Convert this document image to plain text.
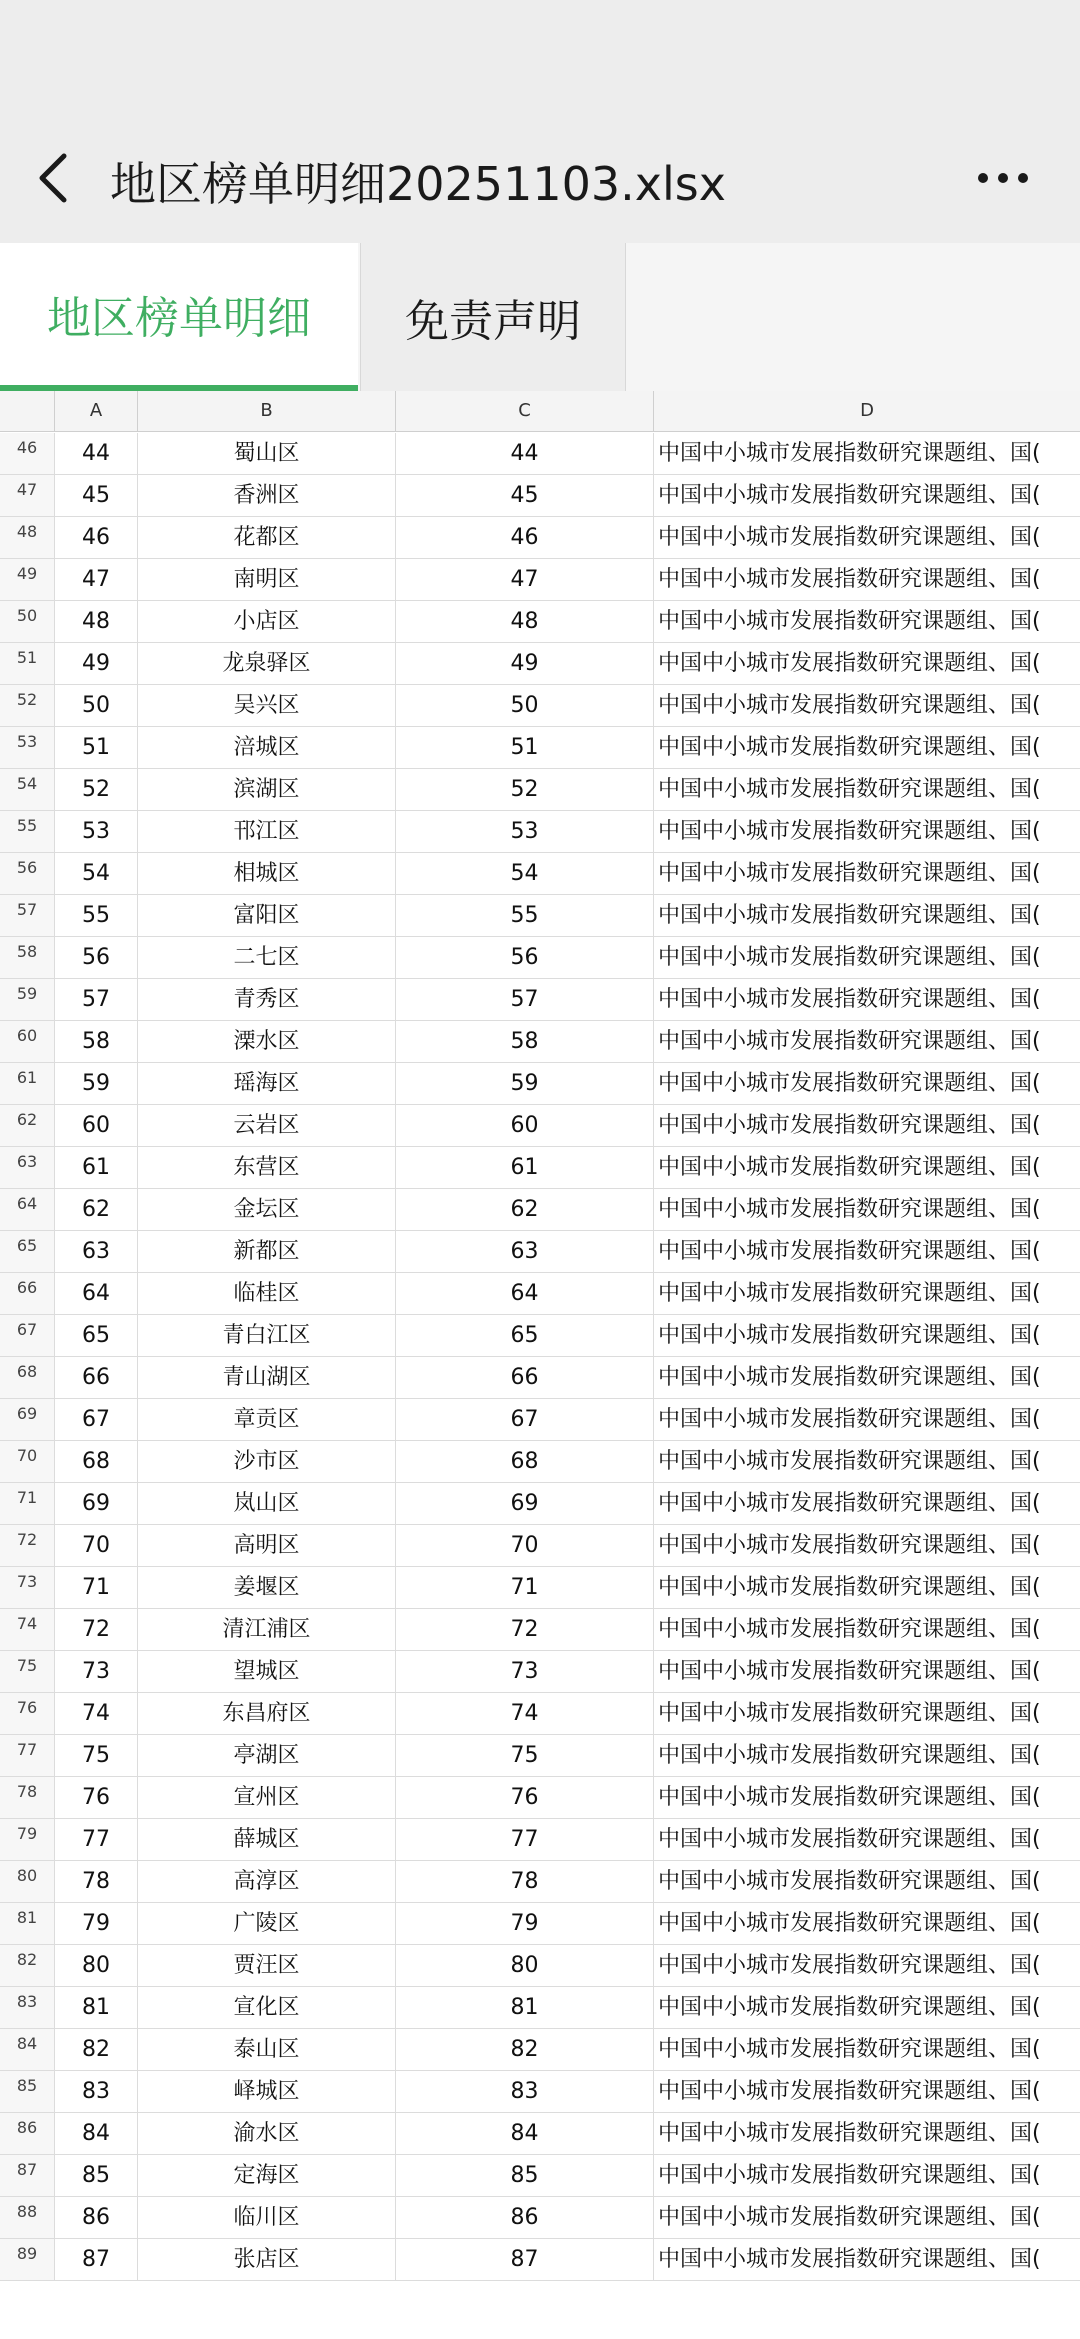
地区榜单明细20251103.xlsx
地区榜单明细	免责声明
A	B	C	D
46	44	蜀山区	44	中国中小城市发展指数研究课题组、国(
47	45	香洲区	45	中国中小城市发展指数研究课题组、国(
48	46	花都区	46	中国中小城市发展指数研究课题组、国(
49	47	南明区	47	中国中小城市发展指数研究课题组、国(
50	48	小店区	48	中国中小城市发展指数研究课题组、国(
51	49	龙泉驿区	49	中国中小城市发展指数研究课题组、国(
52	50	吴兴区	50	中国中小城市发展指数研究课题组、国(
53	51	涪城区	51	中国中小城市发展指数研究课题组、国(
54	52	滨湖区	52	中国中小城市发展指数研究课题组、国(
55	53	邗江区	53	中国中小城市发展指数研究课题组、国(
56	54	相城区	54	中国中小城市发展指数研究课题组、国(
57	55	富阳区	55	中国中小城市发展指数研究课题组、国(
58	56	二七区	56	中国中小城市发展指数研究课题组、国(
59	57	青秀区	57	中国中小城市发展指数研究课题组、国(
60	58	溧水区	58	中国中小城市发展指数研究课题组、国(
61	59	瑶海区	59	中国中小城市发展指数研究课题组、国(
62	60	云岩区	60	中国中小城市发展指数研究课题组、国(
63	61	东营区	61	中国中小城市发展指数研究课题组、国(
64	62	金坛区	62	中国中小城市发展指数研究课题组、国(
65	63	新都区	63	中国中小城市发展指数研究课题组、国(
66	64	临桂区	64	中国中小城市发展指数研究课题组、国(
67	65	青白江区	65	中国中小城市发展指数研究课题组、国(
68	66	青山湖区	66	中国中小城市发展指数研究课题组、国(
69	67	章贡区	67	中国中小城市发展指数研究课题组、国(
70	68	沙市区	68	中国中小城市发展指数研究课题组、国(
71	69	岚山区	69	中国中小城市发展指数研究课题组、国(
72	70	高明区	70	中国中小城市发展指数研究课题组、国(
73	71	姜堰区	71	中国中小城市发展指数研究课题组、国(
74	72	清江浦区	72	中国中小城市发展指数研究课题组、国(
75	73	望城区	73	中国中小城市发展指数研究课题组、国(
76	74	东昌府区	74	中国中小城市发展指数研究课题组、国(
77	75	亭湖区	75	中国中小城市发展指数研究课题组、国(
78	76	宣州区	76	中国中小城市发展指数研究课题组、国(
79	77	薛城区	77	中国中小城市发展指数研究课题组、国(
80	78	高淳区	78	中国中小城市发展指数研究课题组、国(
81	79	广陵区	79	中国中小城市发展指数研究课题组、国(
82	80	贾汪区	80	中国中小城市发展指数研究课题组、国(
83	81	宣化区	81	中国中小城市发展指数研究课题组、国(
84	82	泰山区	82	中国中小城市发展指数研究课题组、国(
85	83	峄城区	83	中国中小城市发展指数研究课题组、国(
86	84	渝水区	84	中国中小城市发展指数研究课题组、国(
87	85	定海区	85	中国中小城市发展指数研究课题组、国(
88	86	临川区	86	中国中小城市发展指数研究课题组、国(
89	87	张店区	87	中国中小城市发展指数研究课题组、国(
